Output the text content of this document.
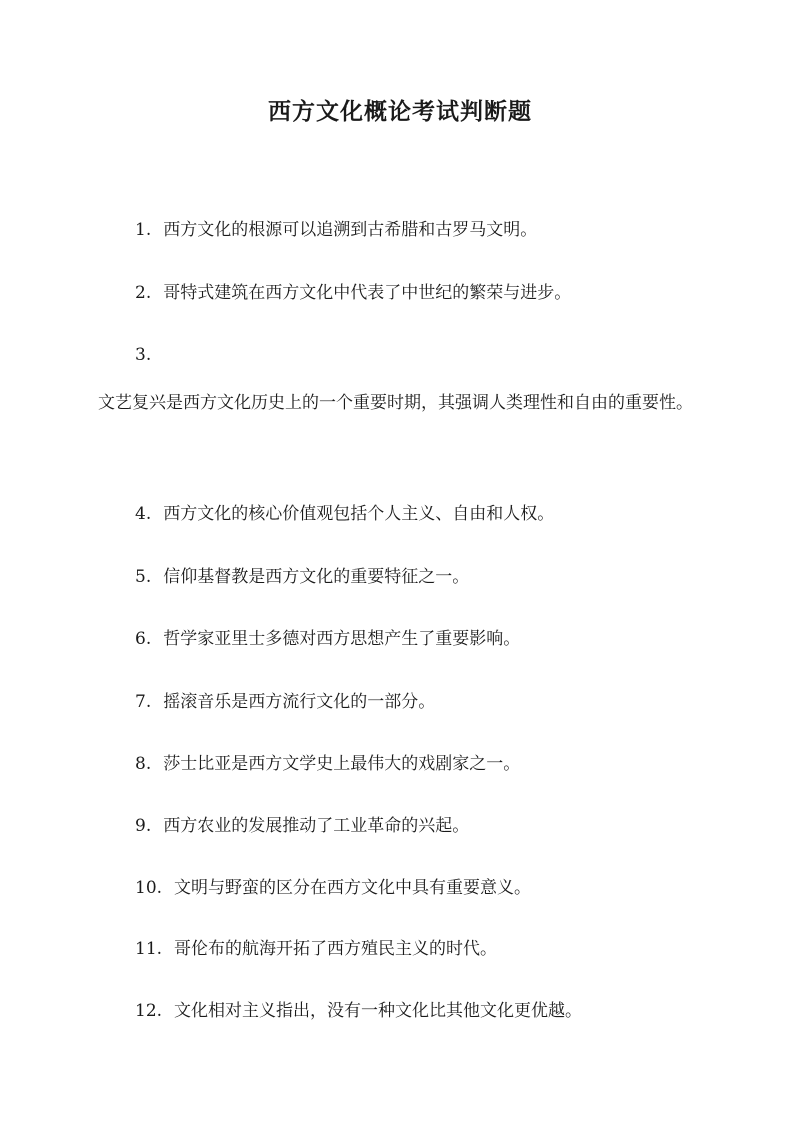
西方文化概论考试判断题
1. 西方文化的根源可以追溯到古希腊和古罗马文明。
2. 哥特式建筑在西方文化中代表了中世纪的繁荣与进步。
3.
文艺复兴是西方文化历史上的一个重要时期，其强调人类理性和自由的重要性。
4. 西方文化的核心价值观包括个人主义、自由和人权。
5. 信仰基督教是西方文化的重要特征之一。
6. 哲学家亚里士多德对西方思想产生了重要影响。
7. 摇滚音乐是西方流行文化的一部分。
8. 莎士比亚是西方文学史上最伟大的戏剧家之一。
9. 西方农业的发展推动了工业革命的兴起。
10. 文明与野蛮的区分在西方文化中具有重要意义。
11. 哥伦布的航海开拓了西方殖民主义的时代。
12. 文化相对主义指出，没有一种文化比其他文化更优越。
